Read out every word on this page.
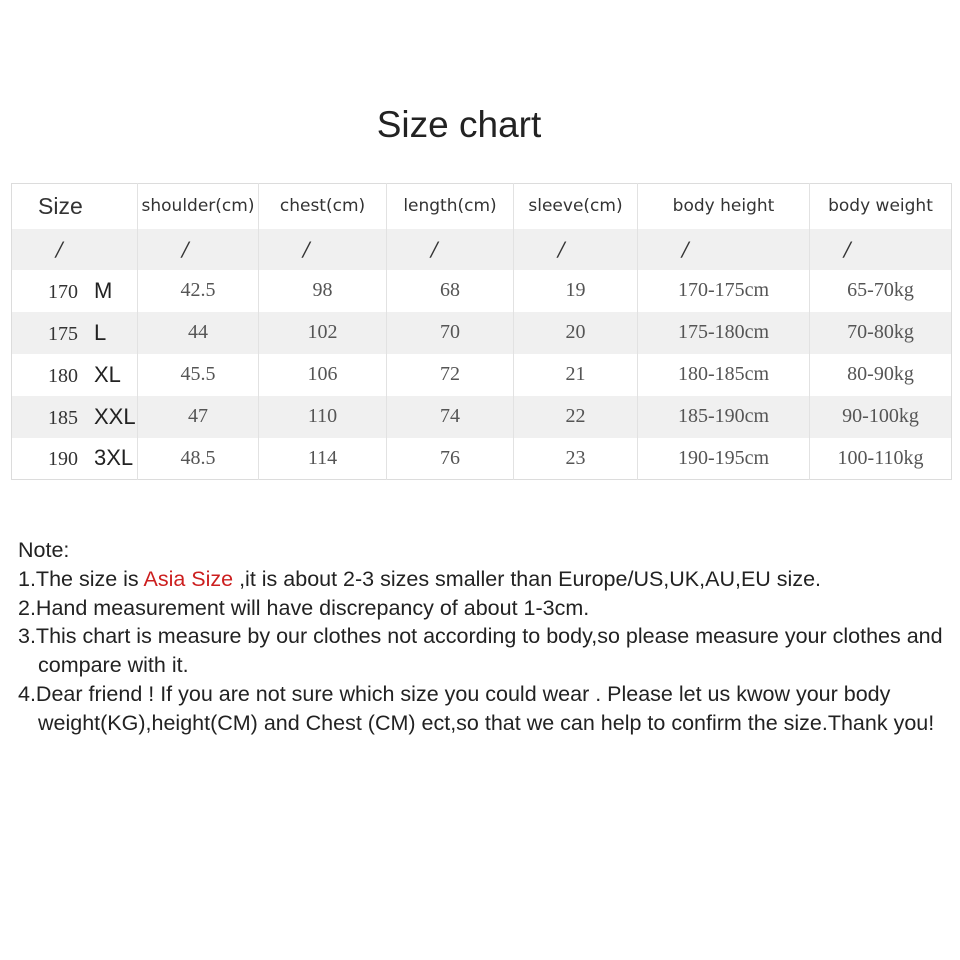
Size chart
Size	shoulder(cm)	chest(cm)	length(cm)	sleeve(cm)	body height	body weight
/	/	/	/	/	/	/
170 M	42.5	98	68	19	170-175cm	65-70kg
175 L	44	102	70	20	175-180cm	70-80kg
180 XL	45.5	106	72	21	180-185cm	80-90kg
185 XXL	47	110	74	22	185-190cm	90-100kg
190 3XL	48.5	114	76	23	190-195cm	100-110kg
Note:
1.The size is Asia Size ,it is about 2-3 sizes smaller than Europe/US,UK,AU,EU size.
2.Hand measurement will have discrepancy of about 1-3cm.
3.This chart is measure by our clothes not according to body,so please measure your clothes and compare with it.
4.Dear friend ! If you are not sure which size you could wear . Please let us kwow your body weight(KG),height(CM) and Chest (CM) ect,so that we can help to confirm the size.Thank you!
